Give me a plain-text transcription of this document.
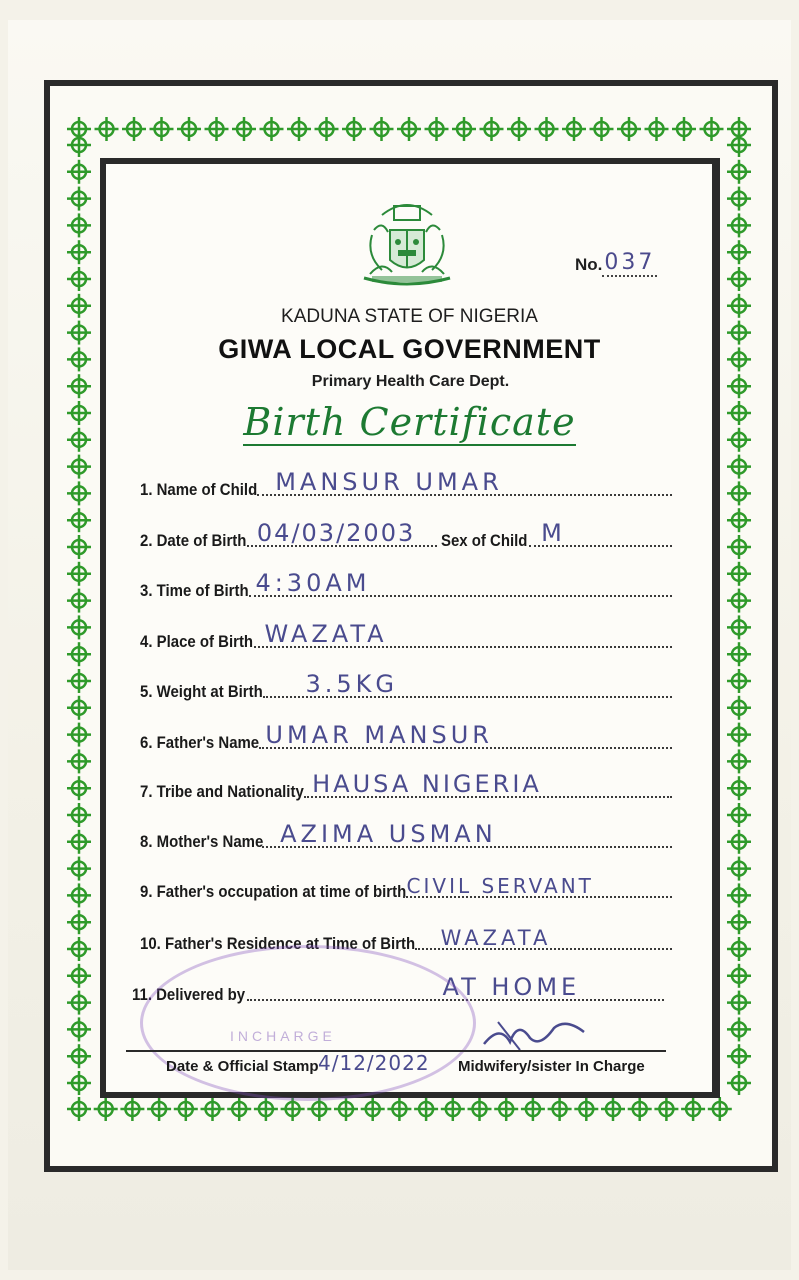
No. 037
KADUNA STATE OF NIGERIA
GIWA LOCAL GOVERNMENT
Primary Health Care Dept.
Birth Certificate
1. Name of Child MANSUR UMAR
2. Date of Birth 04/03/2003 Sex of Child M
3. Time of Birth 4:30AM
4. Place of Birth WAZATA
5. Weight at Birth 3.5KG
6. Father's Name UMAR MANSUR
7. Tribe and Nationality HAUSA NIGERIA
8. Mother's Name AZIMA USMAN
9. Father's occupation at time of birth CIVIL SERVANT
10. Father's Residence at Time of Birth WAZATA
11. Delivered by	AT HOME
INCHARGE
Date & Official Stamp 4/12/2022 Midwifery/sister In Charge
